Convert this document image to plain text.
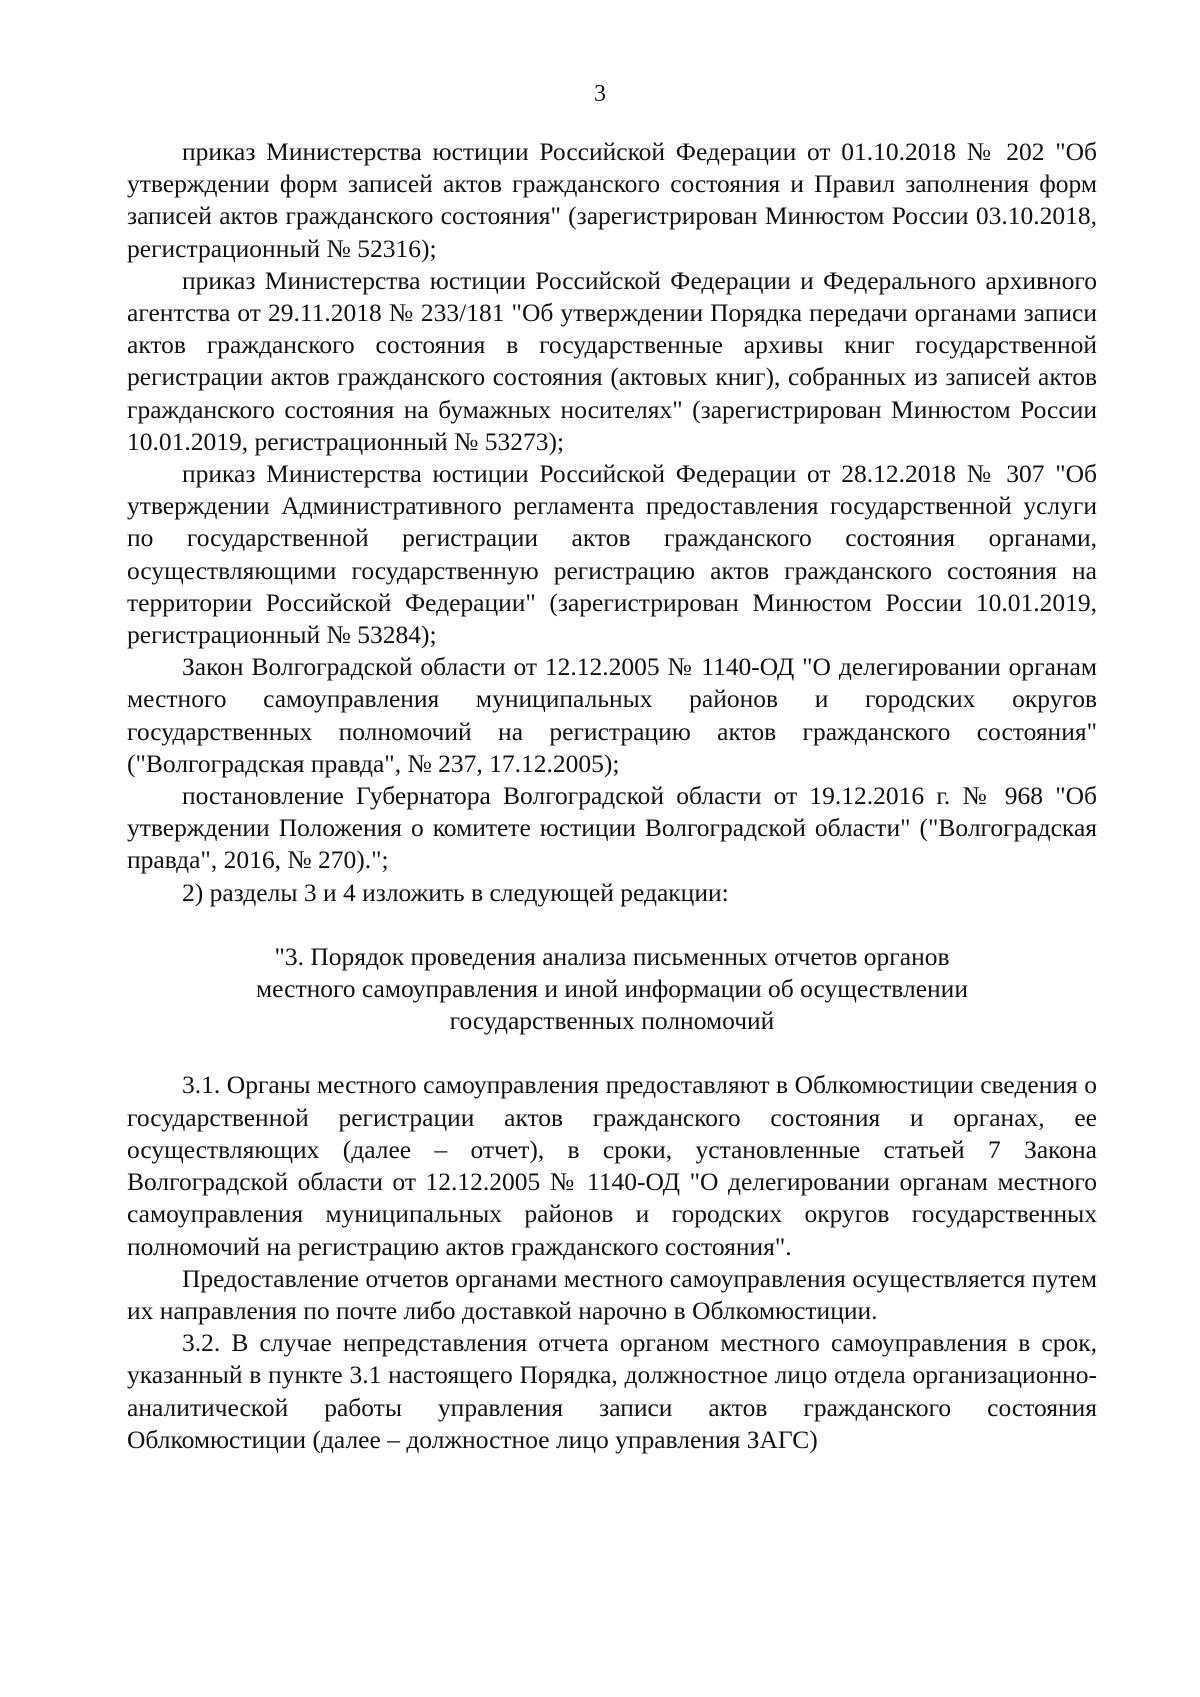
3

приказ Министерства юстиции Российской Федерации от 01.10.2018 № 202 "Об утверждении форм записей актов гражданского состояния и Правил заполнения форм записей актов гражданского состояния" (зарегистрирован Минюстом России 03.10.2018, регистрационный № 52316);

приказ Министерства юстиции Российской Федерации и Федерального архивного агентства от 29.11.2018 № 233/181 "Об утверждении Порядка передачи органами записи актов гражданского состояния в государственные архивы книг государственной регистрации актов гражданского состояния (актовых книг), собранных из записей актов гражданского состояния на бумажных носителях" (зарегистрирован Минюстом России 10.01.2019, регистрационный № 53273);

приказ Министерства юстиции Российской Федерации от 28.12.2018 № 307 "Об утверждении Административного регламента предоставления государственной услуги по государственной регистрации актов гражданского состояния органами, осуществляющими государственную регистрацию актов гражданского состояния на территории Российской Федерации" (зарегистрирован Минюстом России 10.01.2019, регистрационный № 53284);

Закон Волгоградской области от 12.12.2005 № 1140-ОД "О делегировании органам местного самоуправления муниципальных районов и городских округов государственных полномочий на регистрацию актов гражданского состояния" ("Волгоградская правда", № 237, 17.12.2005);

постановление Губернатора Волгоградской области от 19.12.2016 г. № 968 "Об утверждении Положения о комитете юстиции Волгоградской области" ("Волгоградская правда", 2016, № 270).";

2) разделы 3 и 4 изложить в следующей редакции:

"3. Порядок проведения анализа письменных отчетов органов
местного самоуправления и иной информации об осуществлении
государственных полномочий

3.1. Органы местного самоуправления предоставляют в Облкомюстиции сведения о государственной регистрации актов гражданского состояния и органах, ее осуществляющих (далее – отчет), в сроки, установленные статьей 7 Закона Волгоградской области от 12.12.2005 № 1140-ОД "О делегировании органам местного самоуправления муниципальных районов и городских округов государственных полномочий на регистрацию актов гражданского состояния".

Предоставление отчетов органами местного самоуправления осуществляется путем их направления по почте либо доставкой нарочно в Облкомюстиции.

3.2. В случае непредставления отчета органом местного самоуправления в срок, указанный в пункте 3.1 настоящего Порядка, должностное лицо отдела организационно-аналитической работы управления записи актов гражданского состояния Облкомюстиции (далее – должностное лицо управления ЗАГС)
